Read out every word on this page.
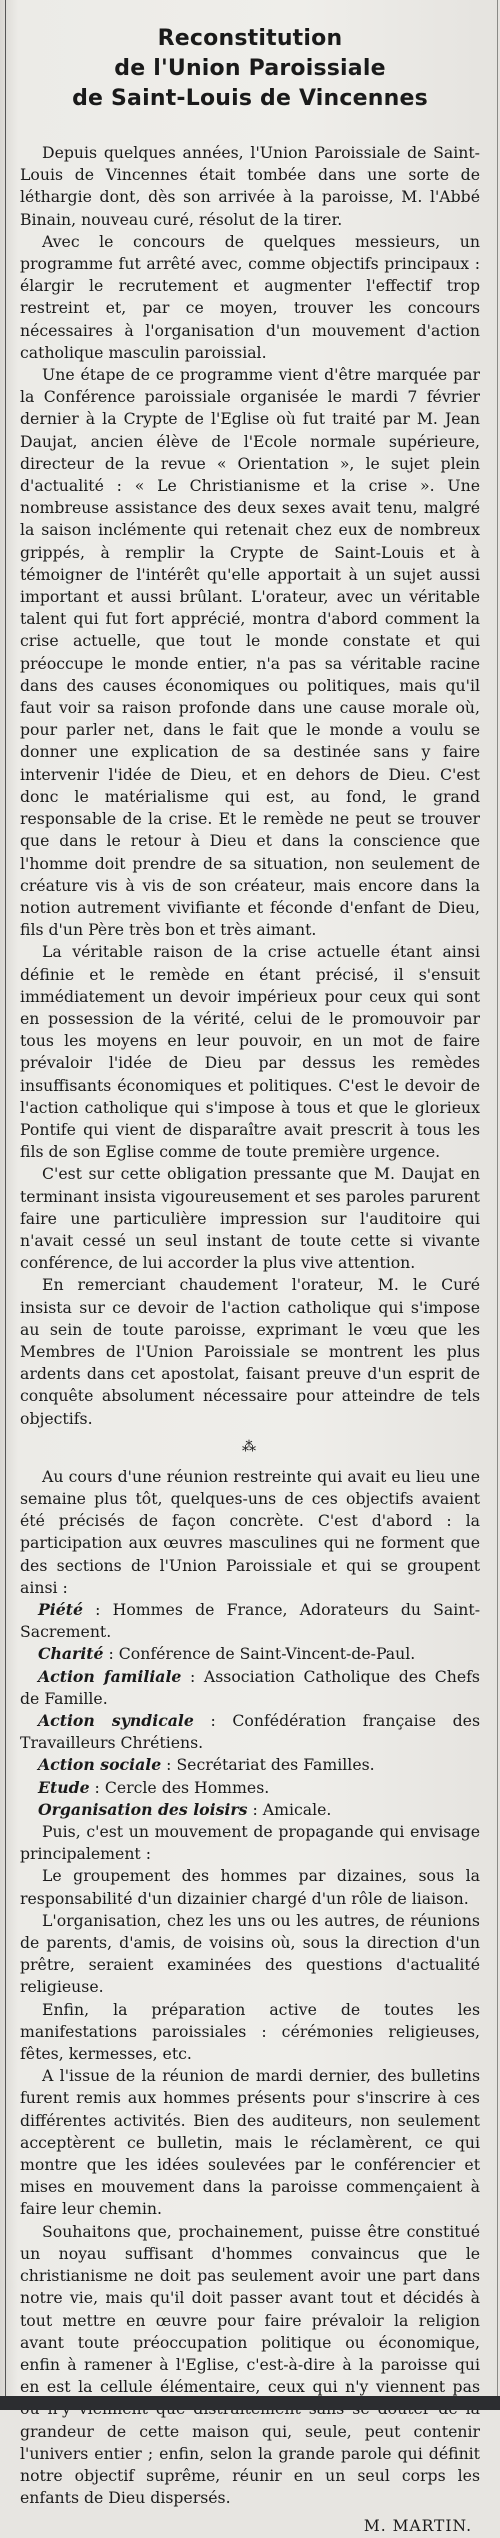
Reconstitution
de l'Union Paroissiale
de Saint-Louis de Vincennes

Depuis quelques années, l'Union Paroissiale de Saint-Louis de Vincennes était tombée dans une sorte de léthargie dont, dès son arrivée à la paroisse, M. l'Abbé Binain, nouveau curé, résolut de la tirer.

Avec le concours de quelques messieurs, un programme fut arrêté avec, comme objectifs principaux : élargir le recrutement et augmenter l'effectif trop restreint et, par ce moyen, trouver les concours nécessaires à l'organisation d'un mouvement d'action catholique masculin paroissial.

Une étape de ce programme vient d'être marquée par la Conférence paroissiale organisée le mardi 7 février dernier à la Crypte de l'Eglise où fut traité par M. Jean Daujat, ancien élève de l'Ecole normale supérieure, directeur de la revue « Orientation », le sujet plein d'actualité : « Le Christianisme et la crise ». Une nombreuse assistance des deux sexes avait tenu, malgré la saison inclémente qui retenait chez eux de nombreux grippés, à remplir la Crypte de Saint-Louis et à témoigner de l'intérêt qu'elle apportait à un sujet aussi important et aussi brûlant. L'orateur, avec un véritable talent qui fut fort apprécié, montra d'abord comment la crise actuelle, que tout le monde constate et qui préoccupe le monde entier, n'a pas sa véritable racine dans des causes économiques ou politiques, mais qu'il faut voir sa raison profonde dans une cause morale où, pour parler net, dans le fait que le monde a voulu se donner une explication de sa destinée sans y faire intervenir l'idée de Dieu, et en dehors de Dieu. C'est donc le matérialisme qui est, au fond, le grand responsable de la crise. Et le remède ne peut se trouver que dans le retour à Dieu et dans la conscience que l'homme doit prendre de sa situation, non seulement de créature vis à vis de son créateur, mais encore dans la notion autrement vivifiante et féconde d'enfant de Dieu, fils d'un Père très bon et très aimant.

La véritable raison de la crise actuelle étant ainsi définie et le remède en étant précisé, il s'ensuit immédiatement un devoir impérieux pour ceux qui sont en possession de la vérité, celui de le promouvoir par tous les moyens en leur pouvoir, en un mot de faire prévaloir l'idée de Dieu par dessus les remèdes insuffisants économiques et politiques. C'est le devoir de l'action catholique qui s'impose à tous et que le glorieux Pontife qui vient de disparaître avait prescrit à tous les fils de son Eglise comme de toute première urgence.

C'est sur cette obligation pressante que M. Daujat en terminant insista vigoureusement et ses paroles parurent faire une particulière impression sur l'auditoire qui n'avait cessé un seul instant de toute cette si vivante conférence, de lui accorder la plus vive attention.

En remerciant chaudement l'orateur, M. le Curé insista sur ce devoir de l'action catholique qui s'impose au sein de toute paroisse, exprimant le vœu que les Membres de l'Union Paroissiale se montrent les plus ardents dans cet apostolat, faisant preuve d'un esprit de conquête absolument nécessaire pour atteindre de tels objectifs.

⁂

Au cours d'une réunion restreinte qui avait eu lieu une semaine plus tôt, quelques-uns de ces objectifs avaient été précisés de façon concrète. C'est d'abord : la participation aux œuvres masculines qui ne forment que des sections de l'Union Paroissiale et qui se groupent ainsi :

Piété : Hommes de France, Adorateurs du Saint-Sacrement.
Charité : Conférence de Saint-Vincent-de-Paul.
Action familiale : Association Catholique des Chefs de Famille.
Action syndicale : Confédération française des Travailleurs Chrétiens.
Action sociale : Secrétariat des Familles.
Etude : Cercle des Hommes.
Organisation des loisirs : Amicale.

Puis, c'est un mouvement de propagande qui envisage principalement :

Le groupement des hommes par dizaines, sous la responsabilité d'un dizainier chargé d'un rôle de liaison.

L'organisation, chez les uns ou les autres, de réunions de parents, d'amis, de voisins où, sous la direction d'un prêtre, seraient examinées des questions d'actualité religieuse.

Enfin, la préparation active de toutes les manifestations paroissiales : cérémonies religieuses, fêtes, kermesses, etc.

A l'issue de la réunion de mardi dernier, des bulletins furent remis aux hommes présents pour s'inscrire à ces différentes activités. Bien des auditeurs, non seulement acceptèrent ce bulletin, mais le réclamèrent, ce qui montre que les idées soulevées par le conférencier et mises en mouvement dans la paroisse commençaient à faire leur chemin.

Souhaitons que, prochainement, puisse être constitué un noyau suffisant d'hommes convaincus que le christianisme ne doit pas seulement avoir une part dans notre vie, mais qu'il doit passer avant tout et décidés à tout mettre en œuvre pour faire prévaloir la religion avant toute préoccupation politique ou économique, enfin à ramener à l'Eglise, c'est-à-dire à la paroisse qui en est la cellule élémentaire, ceux qui n'y viennent pas grandeur de cette maison qui, seule, peut contenir l'univers entier ; enfin, selon la grande parole qui définit notre objectif suprême, réunir en un seul corps les enfants de Dieu dispersés.

M. MARTIN.
